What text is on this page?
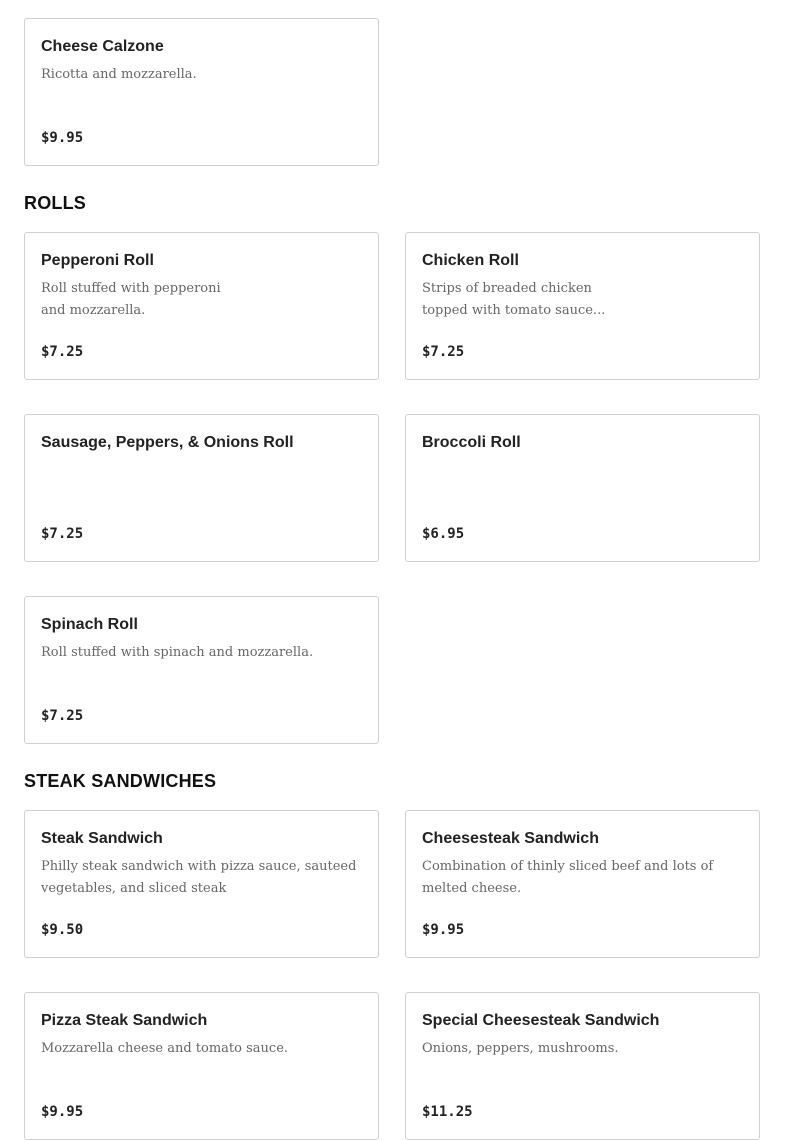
Cheese Calzone
Ricotta and mozzarella.
$9.95
ROLLS
Pepperoni Roll
Roll stuffed with pepperoni
and mozzarella.
$7.25
Chicken Roll
Strips of breaded chicken
topped with tomato sauce...
$7.25
Sausage, Peppers, & Onions Roll
$7.25
Broccoli Roll
$6.95
Spinach Roll
Roll stuffed with spinach and mozzarella.
$7.25
STEAK SANDWICHES
Steak Sandwich
Philly steak sandwich with pizza sauce, sauteed
vegetables, and sliced steak
$9.50
Cheesesteak Sandwich
Combination of thinly sliced beef and lots of
melted cheese.
$9.95
Pizza Steak Sandwich
Mozzarella cheese and tomato sauce.
$9.95
Special Cheesesteak Sandwich
Onions, peppers, mushrooms.
$11.25
